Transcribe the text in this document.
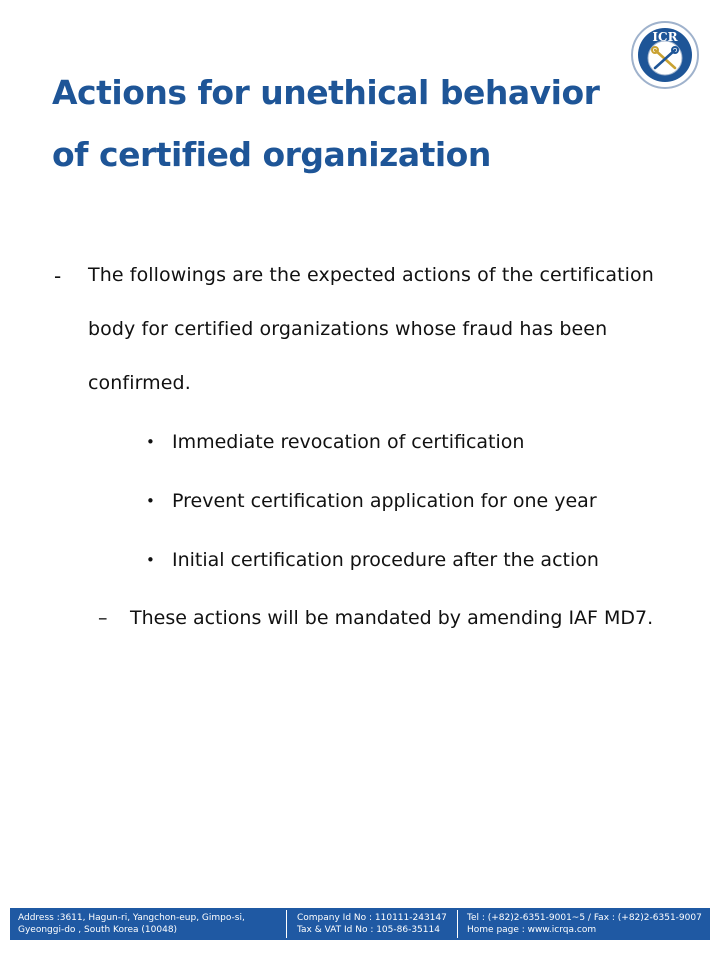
Actions for unethical behavior of certified organization
ICR
- The followings are the expected actions of the certification body for certified organizations whose fraud has been confirmed.
• Immediate revocation of certification
• Prevent certification application for one year
• Initial certification procedure after the action
– These actions will be mandated by amending IAF MD7.
Address :3611, Hagun-ri, Yangchon-eup, Gimpo-si,
Gyeonggi-do , South Korea (10048)
Company Id No : 110111-243147
Tax & VAT Id No : 105-86-35114
Tel : (+82)2-6351-9001~5 / Fax : (+82)2-6351-9007
Home page : www.icrqa.com
